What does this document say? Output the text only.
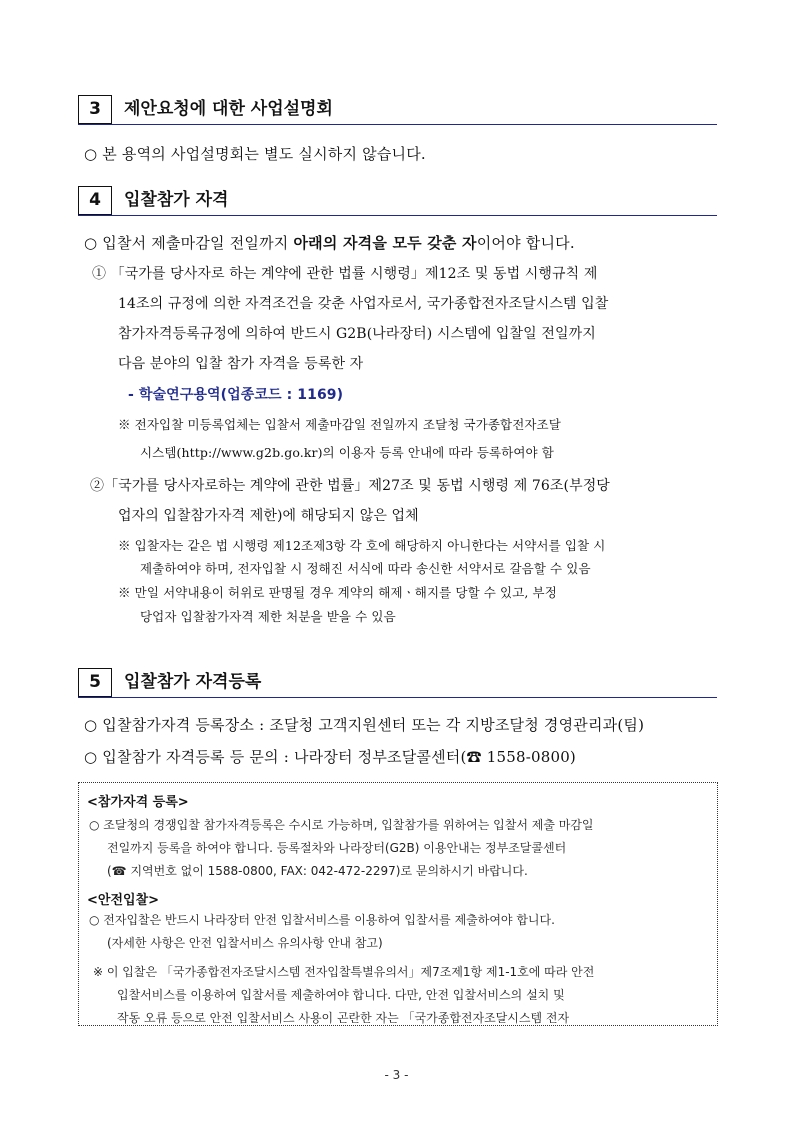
3	제안요청에 대한 사업설명회
○ 본 용역의 사업설명회는 별도 실시하지 않습니다.
4	입찰참가 자격
○ 입찰서 제출마감일 전일까지 아래의 자격을 모두 갖춘 자이어야 합니다.
① 「국가를 당사자로 하는 계약에 관한 법률 시행령」제12조 및 동법 시행규칙 제
14조의 규정에 의한 자격조건을 갖춘 사업자로서, 국가종합전자조달시스템 입찰
참가자격등록규정에 의하여 반드시 G2B(나라장터) 시스템에 입찰일 전일까지
다음 분야의 입찰 참가 자격을 등록한 자
- 학술연구용역(업종코드 : 1169)
※ 전자입찰 미등록업체는 입찰서 제출마감일 전일까지 조달청 국가종합전자조달
시스템(http://www.g2b.go.kr)의 이용자 등록 안내에 따라 등록하여야 함
②「국가를 당사자로하는 계약에 관한 법률」제27조 및 동법 시행령 제 76조(부정당
업자의 입찰참가자격 제한)에 해당되지 않은 업체
※ 입찰자는 같은 법 시행령 제12조제3항 각 호에 해당하지 아니한다는 서약서를 입찰 시
제출하여야 하며, 전자입찰 시 정해진 서식에 따라 송신한 서약서로 갈음할 수 있음
※ 만일 서약내용이 허위로 판명될 경우 계약의 해제ㆍ해지를 당할 수 있고, 부정
당업자 입찰참가자격 제한 처분을 받을 수 있음
5	입찰참가 자격등록
○ 입찰참가자격 등록장소 : 조달청 고객지원센터 또는 각 지방조달청 경영관리과(팀)
○ 입찰참가 자격등록 등 문의 : 나라장터 정부조달콜센터(☎ 1558-0800)
<참가자격 등록>
○ 조달청의 경쟁입찰 참가자격등록은 수시로 가능하며, 입찰참가를 위하여는 입찰서 제출 마감일
전일까지 등록을 하여야 합니다. 등록절차와 나라장터(G2B) 이용안내는 정부조달콜센터
(☎ 지역번호 없이 1588-0800, FAX: 042-472-2297)로 문의하시기 바랍니다.
<안전입찰>
○ 전자입찰은 반드시 나라장터 안전 입찰서비스를 이용하여 입찰서를 제출하여야 합니다.
(자세한 사항은 안전 입찰서비스 유의사항 안내 참고)
※ 이 입찰은 「국가종합전자조달시스템 전자입찰특별유의서」제7조제1항 제1-1호에 따라 안전
입찰서비스를 이용하여 입찰서를 제출하여야 합니다. 다만, 안전 입찰서비스의 설치 및
작동 오류 등으로 안전 입찰서비스 사용이 곤란한 자는 「국가종합전자조달시스템 전자
- 3 -
